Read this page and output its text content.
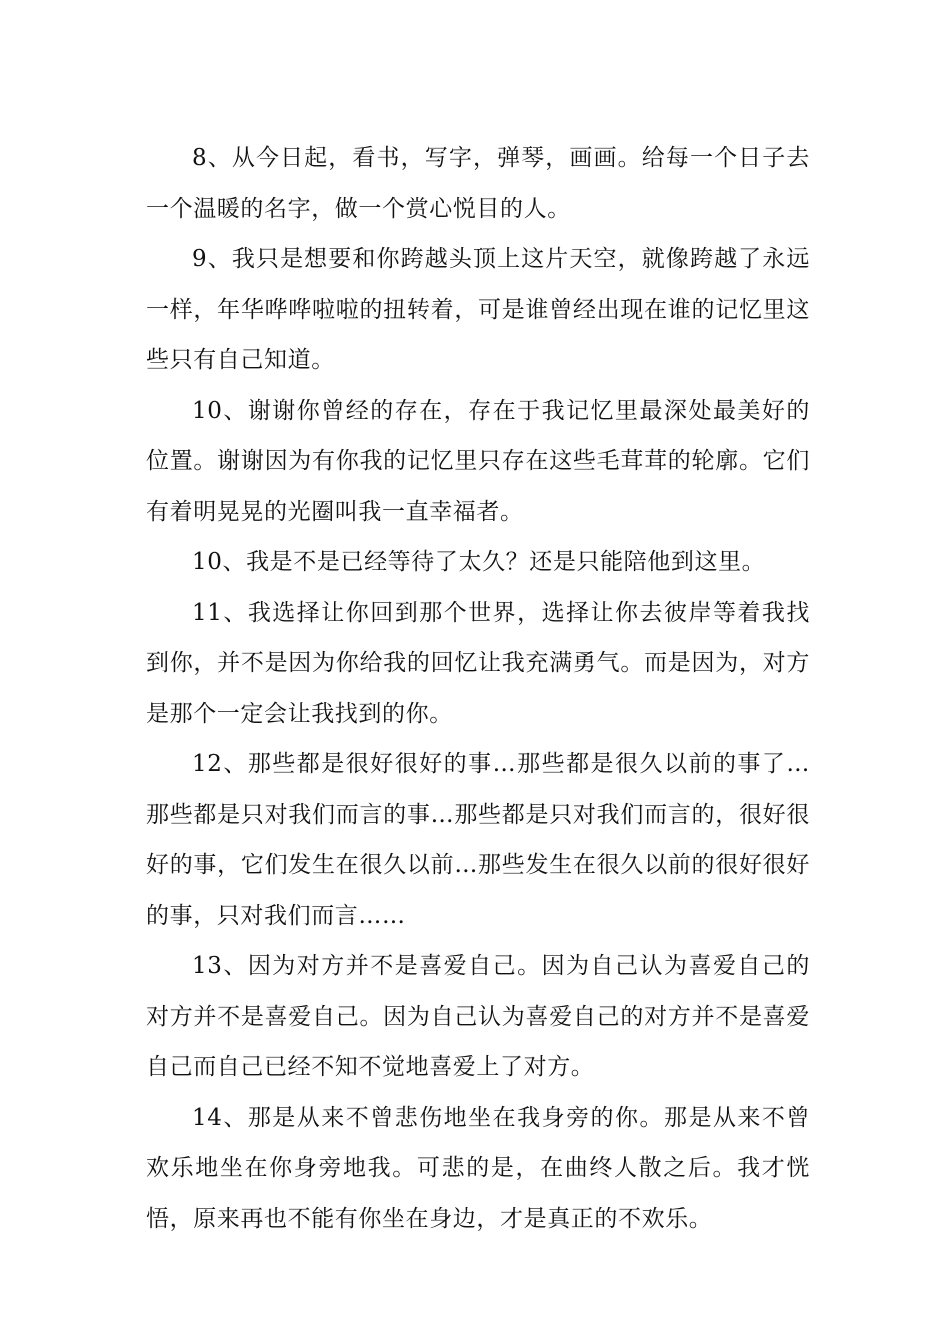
8、从今日起，看书，写字，弹琴，画画。给每一个日子去一个温暖的名字，做一个赏心悦目的人。

9、我只是想要和你跨越头顶上这片天空，就像跨越了永远一样，年华哗哗啦啦的扭转着，可是谁曾经出现在谁的记忆里这些只有自己知道。

10、谢谢你曾经的存在，存在于我记忆里最深处最美好的位置。谢谢因为有你我的记忆里只存在这些毛茸茸的轮廓。它们有着明晃晃的光圈叫我一直幸福者。

10、我是不是已经等待了太久？还是只能陪他到这里。

11、我选择让你回到那个世界，选择让你去彼岸等着我找到你，并不是因为你给我的回忆让我充满勇气。而是因为，对方是那个一定会让我找到的你。

12、那些都是很好很好的事…那些都是很久以前的事了…那些都是只对我们而言的事…那些都是只对我们而言的，很好很好的事，它们发生在很久以前…那些发生在很久以前的很好很好的事，只对我们而言……

13、因为对方并不是喜爱自己。因为自己认为喜爱自己的对方并不是喜爱自己。因为自己认为喜爱自己的对方并不是喜爱自己而自己已经不知不觉地喜爱上了对方。

14、那是从来不曾悲伤地坐在我身旁的你。那是从来不曾欢乐地坐在你身旁地我。可悲的是，在曲终人散之后。我才恍悟，原来再也不能有你坐在身边，才是真正的不欢乐。
